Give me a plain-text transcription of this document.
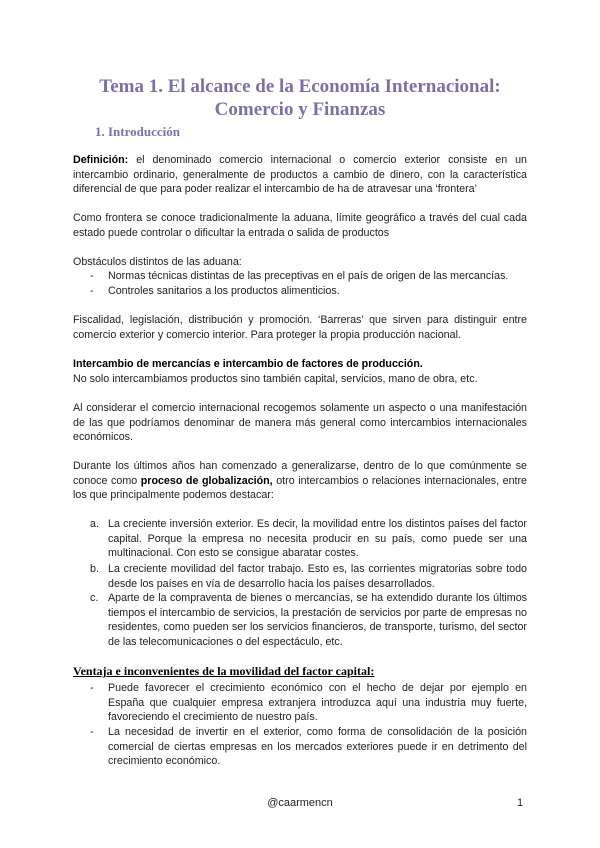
Tema 1. El alcance de la Economía Internacional:
Comercio y Finanzas
1. Introducción
Definición: el denominado comercio internacional o comercio exterior consiste en un intercambio ordinario, generalmente de productos a cambio de dinero, con la característica diferencial de que para poder realizar el intercambio de ha de atravesar una ‘frontera’
Como frontera se conoce tradicionalmente la aduana, límite geográfico a través del cual cada estado puede controlar o dificultar la entrada o salida de productos
Obstáculos distintos de las aduana:
-	Normas técnicas distintas de las preceptivas en el país de origen de las mercancías.
-	Controles sanitarios a los productos alimenticios.
Fiscalidad, legislación, distribución y promoción. ‘Barreras’ que sirven para distinguir entre comercio exterior y comercio interior. Para proteger la propia producción nacional.
Intercambio de mercancías e intercambio de factores de producción.
No solo intercambiamos productos sino también capital, servicios, mano de obra, etc.
Al considerar el comercio internacional recogemos solamente un aspecto o una manifestación de las que podríamos denominar de manera más general como intercambios internacionales económicos.
Durante los últimos años han comenzado a generalizarse, dentro de lo que comúnmente se conoce como proceso de globalización, otro intercambios o relaciones internacionales, entre los que principalmente podemos destacar:
a. La creciente inversión exterior. Es decir, la movilidad entre los distintos países del factor capital. Porque la empresa no necesita producir en su país, como puede ser una multinacional. Con esto se consigue abaratar costes.
b. La creciente movilidad del factor trabajo. Esto es, las corrientes migratorias sobre todo desde los países en vía de desarrollo hacia los países desarrollados.
c. Aparte de la compraventa de bienes o mercancías, se ha extendido durante los últimos tiempos el intercambio de servicios, la prestación de servicios por parte de empresas no residentes, como pueden ser los servicios financieros, de transporte, turismo, del sector de las telecomunicaciones o del espectáculo, etc.
Ventaja e inconvenientes de la movilidad del factor capital:
-	Puede favorecer el crecimiento económico con el hecho de dejar por ejemplo en España que cualquier empresa extranjera introduzca aquí una industria muy fuerte, favoreciendo el crecimiento de nuestro país.
-	La necesidad de invertir en el exterior, como forma de consolidación de la posición comercial de ciertas empresas en los mercados exteriores puede ir en detrimento del crecimiento económico.
@caarmencn	1
